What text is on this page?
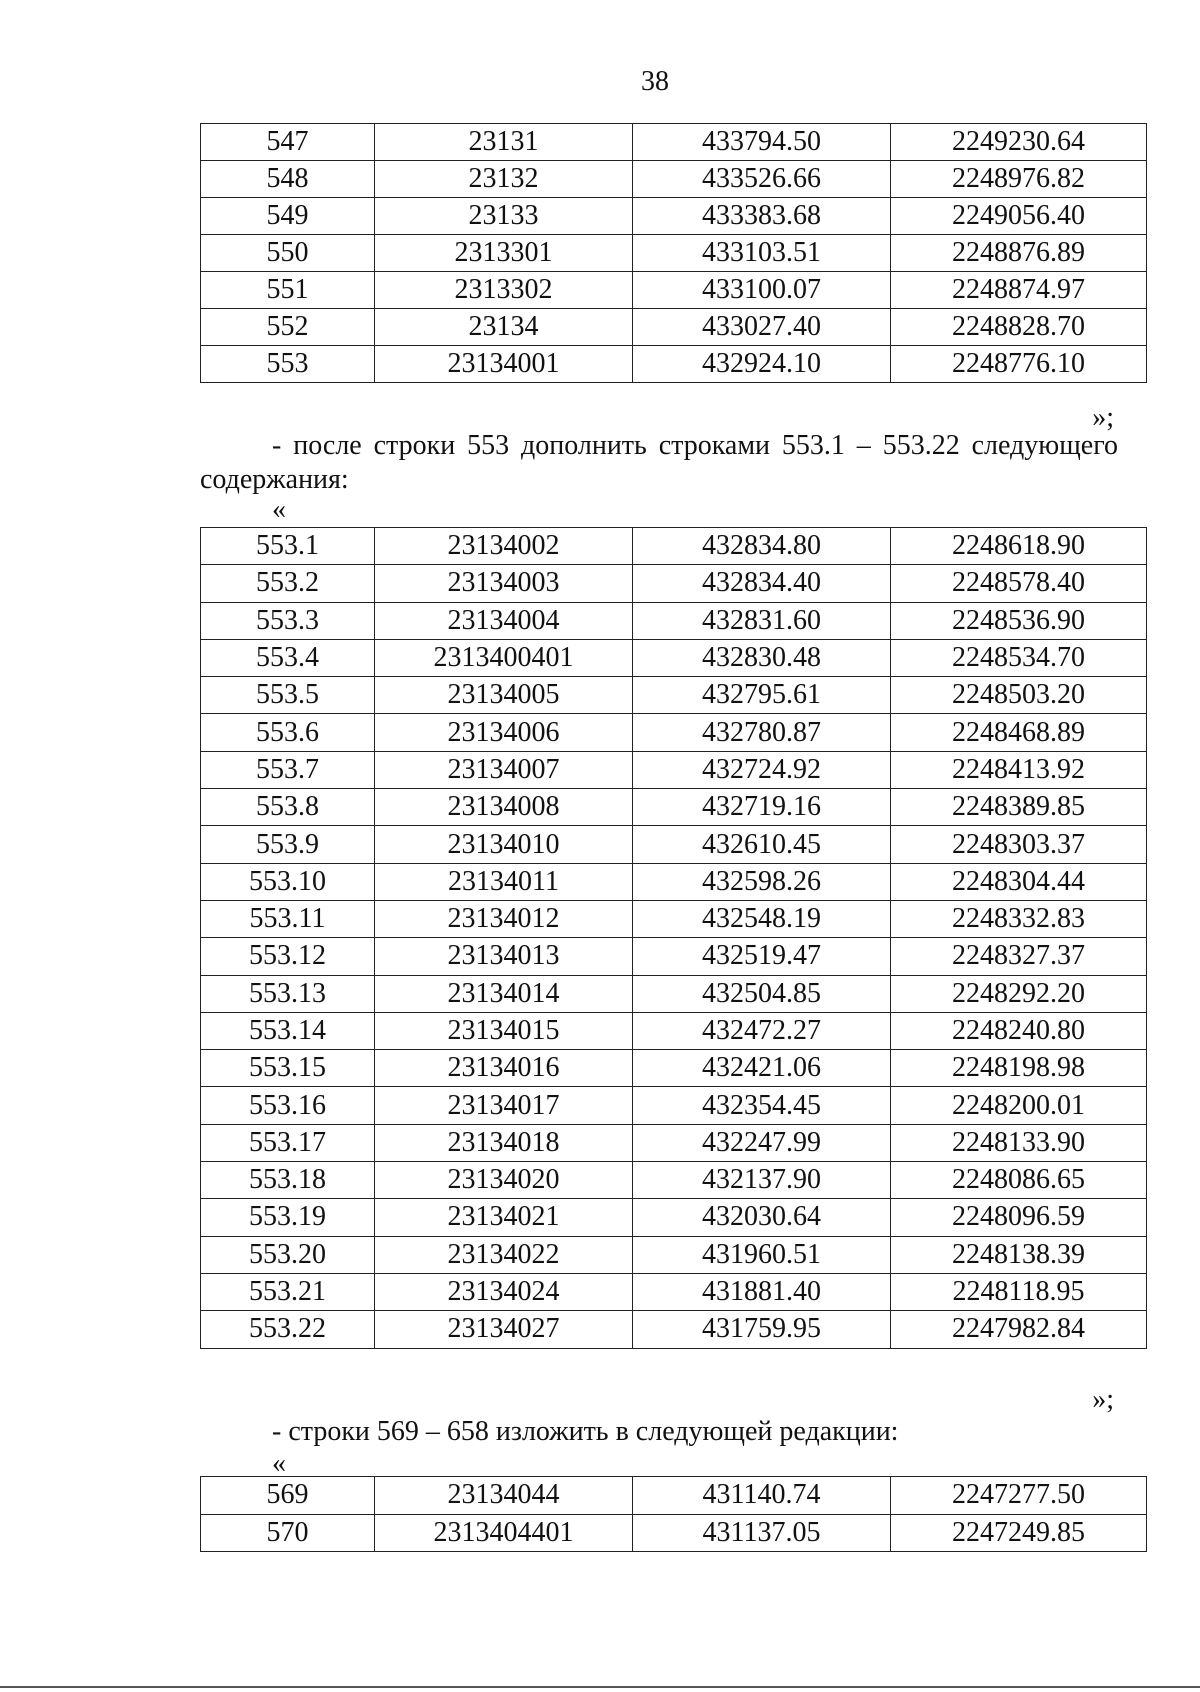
38
547	23131	433794.50	2249230.64
548	23132	433526.66	2248976.82
549	23133	433383.68	2249056.40
550	2313301	433103.51	2248876.89
551	2313302	433100.07	2248874.97
552	23134	433027.40	2248828.70
553	23134001	432924.10	2248776.10
»;
- после строки 553 дополнить строками 553.1 – 553.22 следующего
содержания:
«
553.1	23134002	432834.80	2248618.90
553.2	23134003	432834.40	2248578.40
553.3	23134004	432831.60	2248536.90
553.4	2313400401	432830.48	2248534.70
553.5	23134005	432795.61	2248503.20
553.6	23134006	432780.87	2248468.89
553.7	23134007	432724.92	2248413.92
553.8	23134008	432719.16	2248389.85
553.9	23134010	432610.45	2248303.37
553.10	23134011	432598.26	2248304.44
553.11	23134012	432548.19	2248332.83
553.12	23134013	432519.47	2248327.37
553.13	23134014	432504.85	2248292.20
553.14	23134015	432472.27	2248240.80
553.15	23134016	432421.06	2248198.98
553.16	23134017	432354.45	2248200.01
553.17	23134018	432247.99	2248133.90
553.18	23134020	432137.90	2248086.65
553.19	23134021	432030.64	2248096.59
553.20	23134022	431960.51	2248138.39
553.21	23134024	431881.40	2248118.95
553.22	23134027	431759.95	2247982.84
»;
- строки 569 – 658 изложить в следующей редакции:
«
569	23134044	431140.74	2247277.50
570	2313404401	431137.05	2247249.85
